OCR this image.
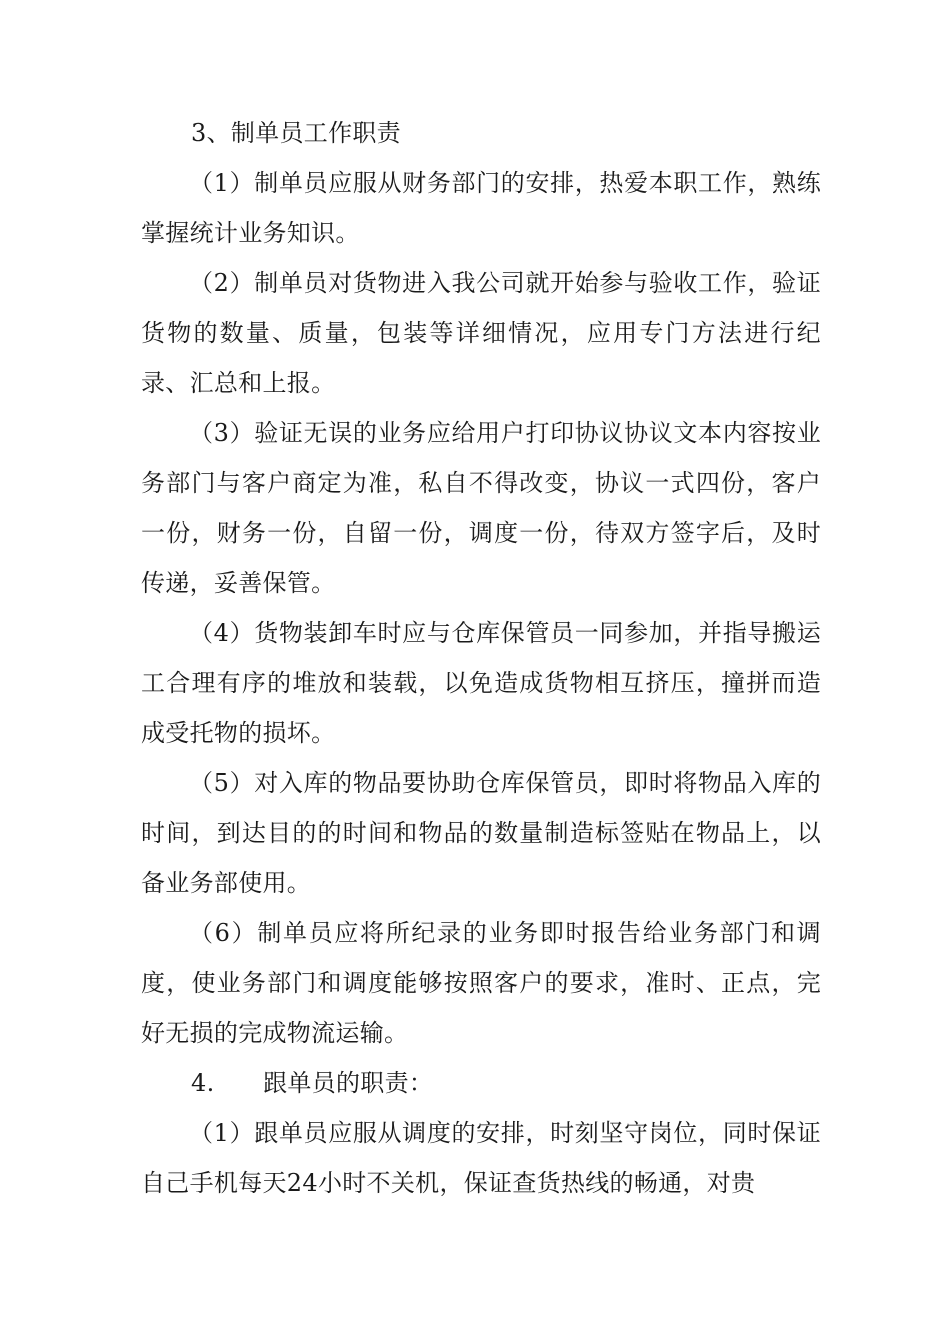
3、制单员工作职责

（1）制单员应服从财务部门的安排，热爱本职工作，熟练掌握统计业务知识。

（2）制单员对货物进入我公司就开始参与验收工作，验证货物的数量、质量，包装等详细情况，应用专门方法进行纪录、汇总和上报。

（3）验证无误的业务应给用户打印协议协议文本内容按业务部门与客户商定为准，私自不得改变，协议一式四份，客户一份，财务一份，自留一份，调度一份，待双方签字后，及时传递，妥善保管。

（4）货物装卸车时应与仓库保管员一同参加，并指导搬运工合理有序的堆放和装载，以免造成货物相互挤压，撞拼而造成受托物的损坏。

（5）对入库的物品要协助仓库保管员，即时将物品入库的时间，到达目的的时间和物品的数量制造标签贴在物品上，以备业务部使用。

（6）制单员应将所纪录的业务即时报告给业务部门和调度，使业务部门和调度能够按照客户的要求，准时、正点，完好无损的完成物流运输。

4.　　跟单员的职责：

（1）跟单员应服从调度的安排，时刻坚守岗位，同时保证自己手机每天24小时不关机，保证查货热线的畅通，对贵
